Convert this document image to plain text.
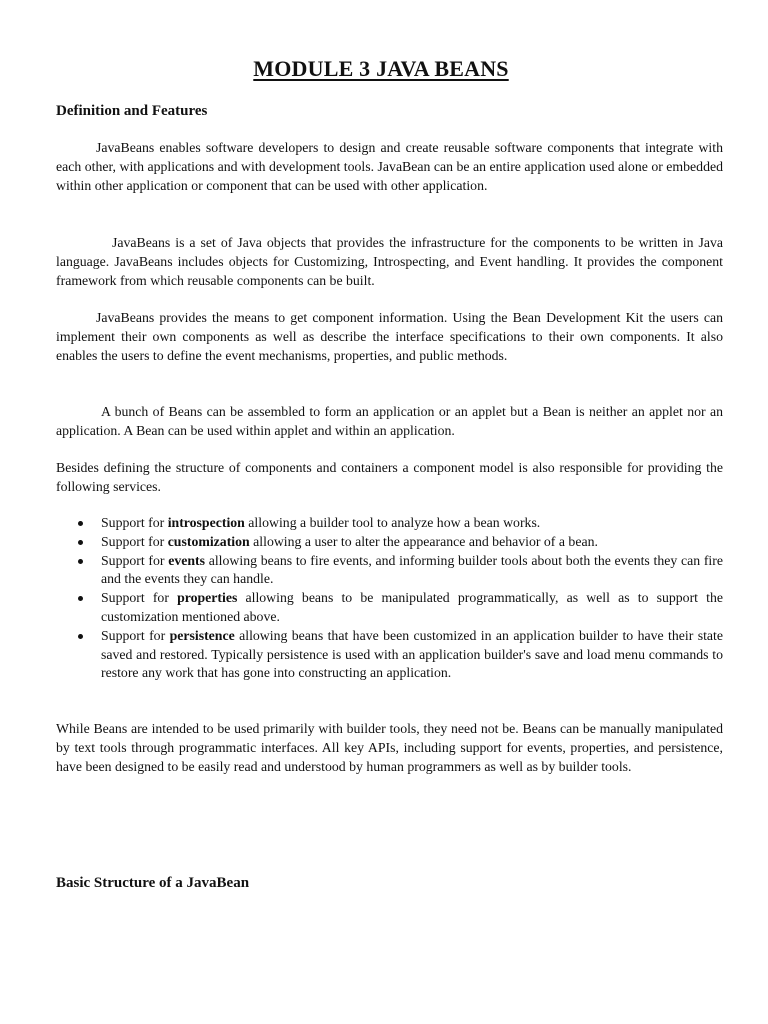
MODULE 3 JAVA BEANS
Definition and Features

JavaBeans enables software developers to design and create reusable software components that integrate with each other, with applications and with development tools. JavaBean can be an entire application used alone or embedded within other application or component that can be used with other application.

JavaBeans is a set of Java objects that provides the infrastructure for the components to be written in Java language. JavaBeans includes objects for Customizing, Introspecting, and Event handling. It provides the component framework from which reusable components can be built.

JavaBeans provides the means to get component information. Using the Bean Development Kit the users can implement their own components as well as describe the interface specifications to their own components. It also enables the users to define the event mechanisms, properties, and public methods.

A bunch of Beans can be assembled to form an application or an applet but a Bean is neither an applet nor an application. A Bean can be used within applet and within an application.

Besides defining the structure of components and containers a component model is also responsible for providing the following services.

Support for introspection allowing a builder tool to analyze how a bean works.
Support for customization allowing a user to alter the appearance and behavior of a bean.
Support for events allowing beans to fire events, and informing builder tools about both the events they can fire and the events they can handle.
Support for properties allowing beans to be manipulated programmatically, as well as to support the customization mentioned above.
Support for persistence allowing beans that have been customized in an application builder to have their state saved and restored. Typically persistence is used with an application builder's save and load menu commands to restore any work that has gone into constructing an application.

While Beans are intended to be used primarily with builder tools, they need not be. Beans can be manually manipulated by text tools through programmatic interfaces. All key APIs, including support for events, properties, and persistence, have been designed to be easily read and understood by human programmers as well as by builder tools.

Basic Structure of a JavaBean
